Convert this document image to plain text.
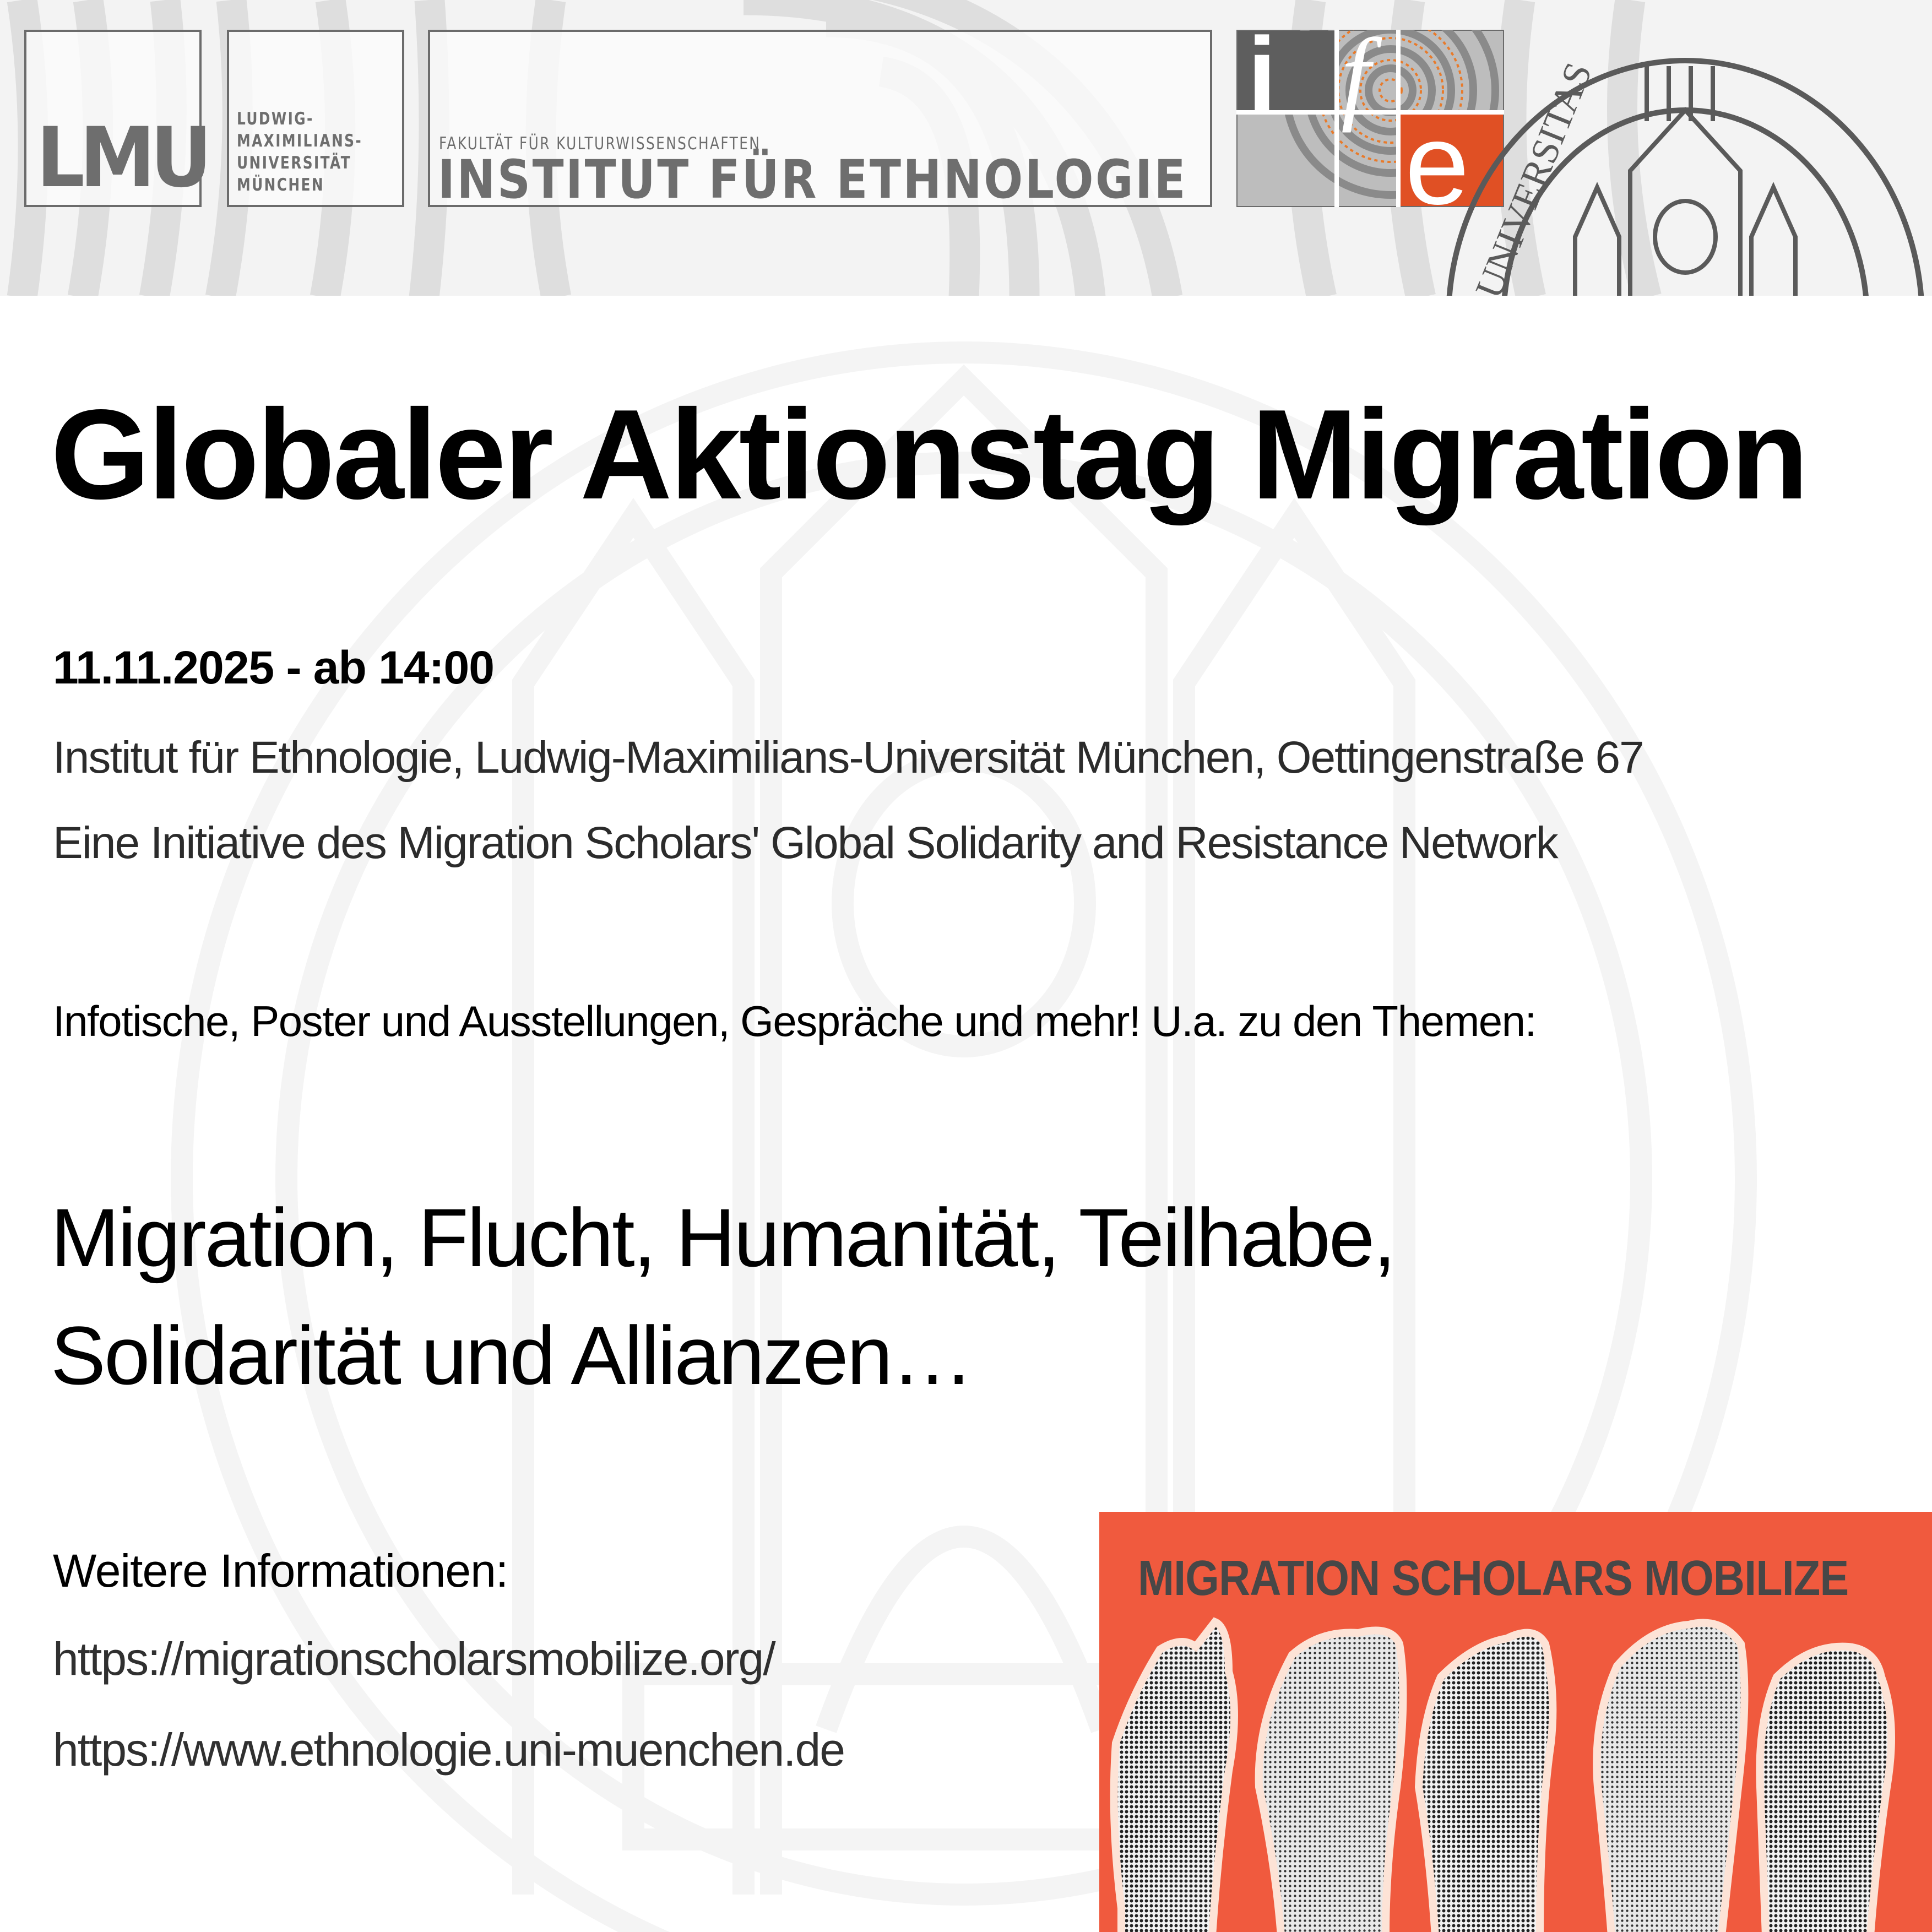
LMU LUDWIG-
MAXIMILIANS-
UNIVERSITÄT
MÜNCHEN
FAKULTÄT FÜR KULTURWISSENSCHAFTEN
INSTITUT FÜR ETHNOLOGIE
i f
e
UNIVERSITAS
Globaler Aktionstag Migration
11.11.2025 - ab 14:00
Institut für Ethnologie, Ludwig-Maximilians-Universität München, Oettingenstraße 67
Eine Initiative des Migration Scholars' Global Solidarity and Resistance Network
Infotische, Poster und Ausstellungen, Gespräche und mehr! U.a. zu den Themen:
Migration, Flucht, Humanität, Teilhabe,
Solidarität und Allianzen…
Weitere Informationen:
https://migrationscholarsmobilize.org/
https://www.ethnologie.uni-muenchen.de
MIGRATION SCHOLARS MOBILIZE
